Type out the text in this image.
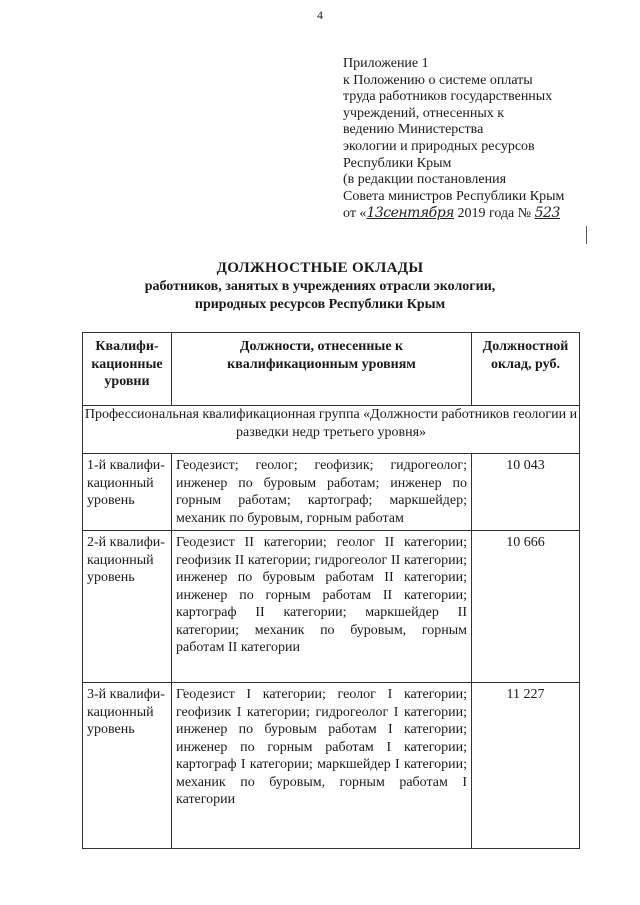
4
Приложение 1
к Положению о системе оплаты
труда работников государственных
учреждений, отнесенных к
ведению Министерства
экологии и природных ресурсов
Республики Крым
(в редакции постановления
Совета министров Республики Крым
от «13сентября 2019 года № 523
ДОЛЖНОСТНЫЕ ОКЛАДЫ
работников, занятых в учреждениях отрасли экологии,
природных ресурсов Республики Крым
Квалификационные уровни	Должности, отнесенные к квалификационным уровням	Должностной оклад, руб.
Профессиональная квалификационная группа «Должности работников геологии и разведки недр третьего уровня»		
1-й квалификационный уровень	Геодезист; геолог; геофизик; гидрогеолог; инженер по буровым работам; инженер по горным работам; картограф; маркшейдер; механик по буровым, горным работам	10 043
2-й квалификационный уровень	Геодезист II категории; геолог II категории; геофизик II категории; гидрогеолог II категории; инженер по буровым работам II категории; инженер по горным работам II категории; картограф II категории; маркшейдер II категории; механик по буровым, горным работам II категории	10 666
3-й квалификационный уровень	Геодезист I категории; геолог I категории; геофизик I категории; гидрогеолог I категории; инженер по буровым работам I категории; инженер по горным работам I категории; картограф I категории; маркшейдер I категории; механик по буровым, горным работам I категории	11 227
